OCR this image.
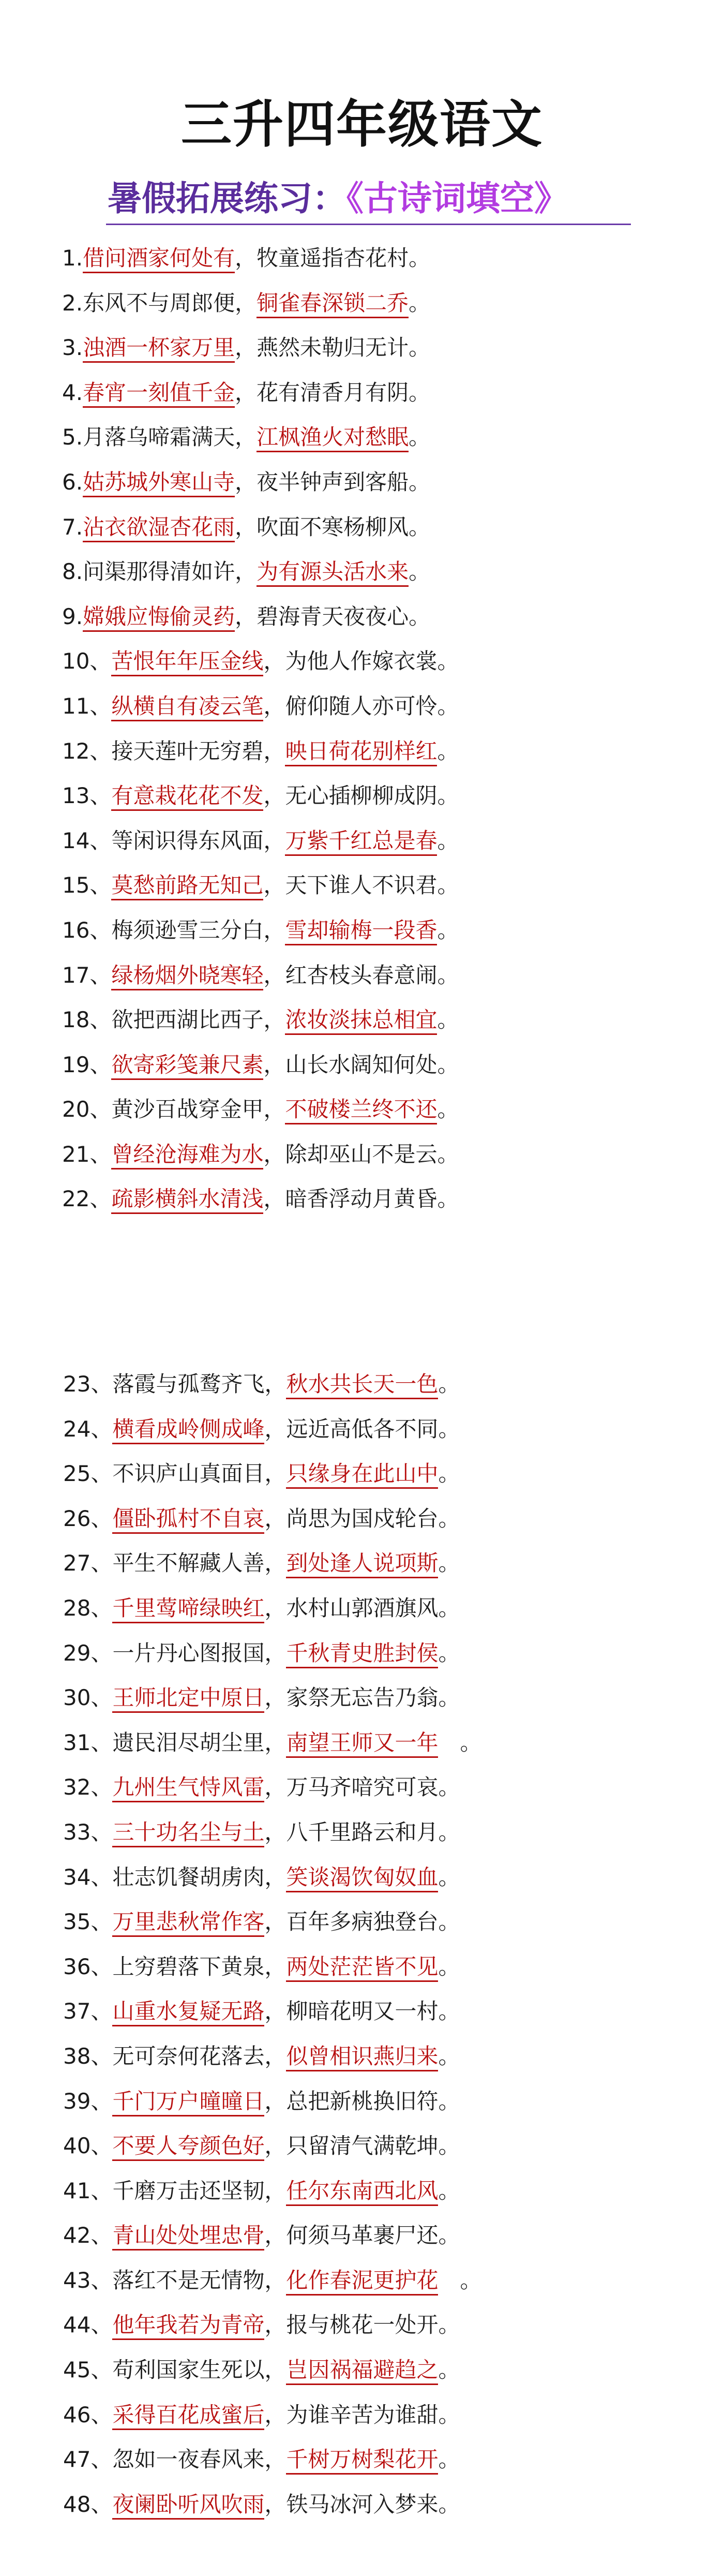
三升四年级语文
暑假拓展练习：《古诗词填空》
1.借问酒家何处有，牧童遥指杏花村。
2.东风不与周郎便，铜雀春深锁二乔。
3.浊酒一杯家万里，燕然未勒归无计。
4.春宵一刻值千金，花有清香月有阴。
5.月落乌啼霜满天，江枫渔火对愁眠。
6.姑苏城外寒山寺，夜半钟声到客船。
7.沾衣欲湿杏花雨，吹面不寒杨柳风。
8.问渠那得清如许，为有源头活水来。
9.嫦娥应悔偷灵药，碧海青天夜夜心。
10、苦恨年年压金线，为他人作嫁衣裳。
11、纵横自有凌云笔，俯仰随人亦可怜。
12、接天莲叶无穷碧，映日荷花别样红。
13、有意栽花花不发，无心插柳柳成阴。
14、等闲识得东风面，万紫千红总是春。
15、莫愁前路无知己，天下谁人不识君。
16、梅须逊雪三分白，雪却输梅一段香。
17、绿杨烟外晓寒轻，红杏枝头春意闹。
18、欲把西湖比西子，浓妆淡抹总相宜。
19、欲寄彩笺兼尺素，山长水阔知何处。
20、黄沙百战穿金甲，不破楼兰终不还。
21、曾经沧海难为水，除却巫山不是云。
22、疏影横斜水清浅，暗香浮动月黄昏。
23、落霞与孤鹜齐飞，秋水共长天一色。
24、横看成岭侧成峰，远近高低各不同。
25、不识庐山真面目，只缘身在此山中。
26、僵卧孤村不自哀，尚思为国戍轮台。
27、平生不解藏人善，到处逢人说项斯。
28、千里莺啼绿映红，水村山郭酒旗风。
29、一片丹心图报国，千秋青史胜封侯。
30、王师北定中原日，家祭无忘告乃翁。
31、遗民泪尽胡尘里，南望王师又一年　。
32、九州生气恃风雷，万马齐喑究可哀。
33、三十功名尘与土，八千里路云和月。
34、壮志饥餐胡虏肉，笑谈渴饮匈奴血。
35、万里悲秋常作客，百年多病独登台。
36、上穷碧落下黄泉，两处茫茫皆不见。
37、山重水复疑无路，柳暗花明又一村。
38、无可奈何花落去，似曾相识燕归来。
39、千门万户曈曈日，总把新桃换旧符。
40、不要人夸颜色好，只留清气满乾坤。
41、千磨万击还坚韧，任尔东南西北风。
42、青山处处埋忠骨，何须马革裹尸还。
43、落红不是无情物，化作春泥更护花　。
44、他年我若为青帝，报与桃花一处开。
45、苟利国家生死以，岂因祸福避趋之。
46、采得百花成蜜后，为谁辛苦为谁甜。
47、忽如一夜春风来，千树万树梨花开。
48、夜阑卧听风吹雨，铁马冰河入梦来。
